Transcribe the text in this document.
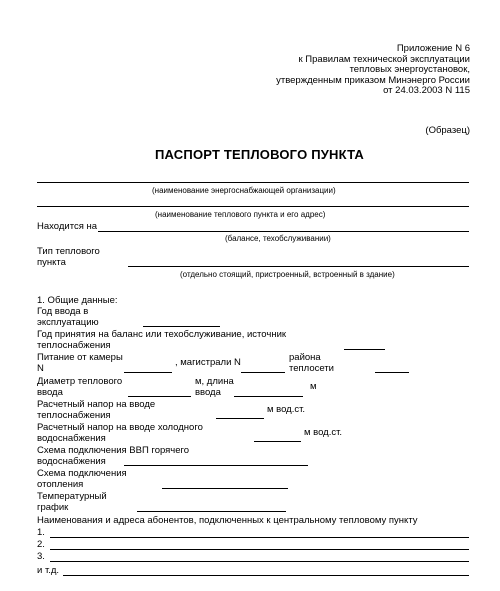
Приложение N 6
к Правилам технической эксплуатации
тепловых энергоустановок,
утвержденным приказом Минэнерго России
от 24.03.2003 N 115
(Образец)
ПАСПОРТ ТЕПЛОВОГО ПУНКТА
(наименование энергоснабжающей организации)
(наименование теплового пункта и его адрес)
Находится на
(балансе, техобслуживании)
Тип теплового
пункта
(отдельно стоящий, пристроенный, встроенный в здание)
1. Общие данные:
Год ввода в
эксплуатацию
Год принятия на баланс или техобслуживание, источник
теплоснабжения
Питание от камеры
N
, магистрали N	района
теплосети
Диаметр теплового
ввода
м, длина
ввода
м
Расчетный напор на вводе
теплоснабжения
м вод.ст.
Расчетный напор на вводе холодного
водоснабжения
м вод.ст.
Схема подключения ВВП горячего
водоснабжения
Схема подключения
отопления
Температурный
график
Наименования и адреса абонентов, подключенных к центральному тепловому пункту
1.
2.
3.
и т.д.
